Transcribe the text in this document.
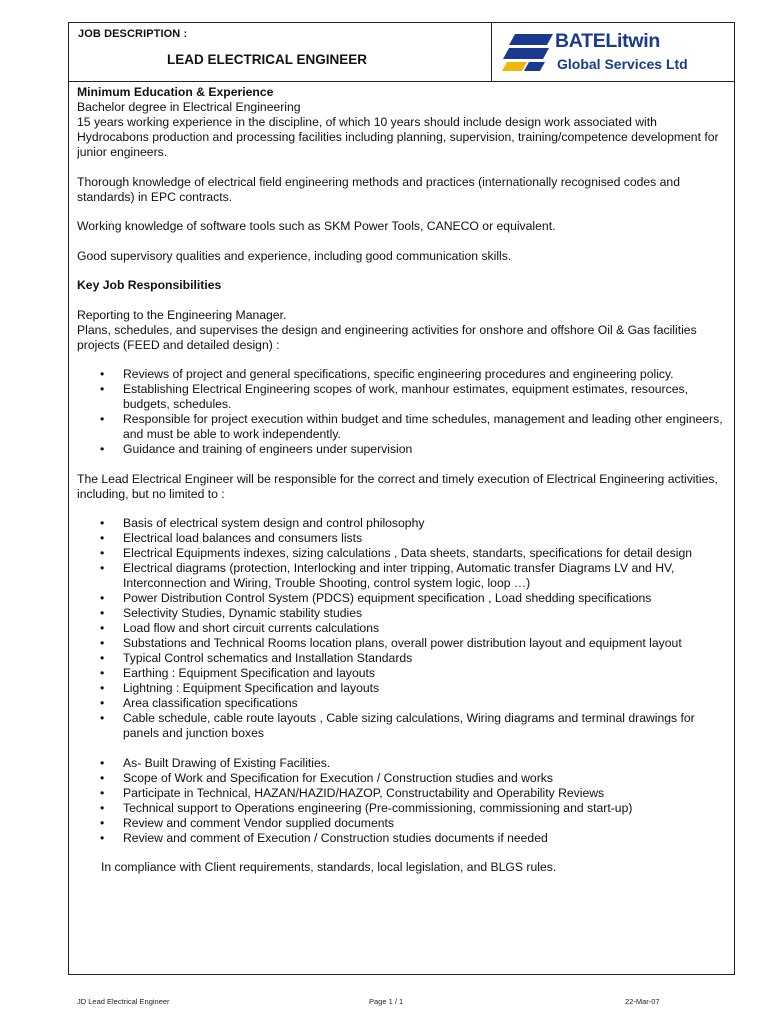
JOB DESCRIPTION :
LEAD ELECTRICAL ENGINEER
BATELitwin
Global Services Ltd

Minimum Education & Experience

Bachelor degree in Electrical Engineering

15 years working experience in the discipline, of which 10 years should include design work associated with Hydrocabons production and processing facilities including planning, supervision, training/competence development for junior engineers.

Thorough knowledge of electrical field engineering methods and practices (internationally recognised codes and standards) in EPC contracts.

Working knowledge of software tools such as SKM Power Tools, CANECO or equivalent.

Good supervisory qualities and experience, including good communication skills.

Key Job Responsibilities

Reporting to the Engineering Manager.

Plans, schedules, and supervises the design and engineering activities for onshore and offshore Oil & Gas facilities projects (FEED and detailed design) :

• Reviews of project and general specifications, specific engineering procedures and engineering policy.
• Establishing Electrical Engineering scopes of work, manhour estimates, equipment estimates, resources, budgets, schedules.
• Responsible for project execution within budget and time schedules, management and leading other engineers, and must be able to work independently.
• Guidance and training of engineers under supervision

The Lead Electrical Engineer will be responsible for the correct and timely execution of Electrical Engineering activities, including, but no limited to :

• Basis of electrical system design and control philosophy
• Electrical load balances and consumers lists
• Electrical Equipments indexes, sizing calculations , Data sheets, standarts, specifications for detail design
• Electrical diagrams (protection, Interlocking and inter tripping, Automatic transfer Diagrams LV and HV, Interconnection and Wiring, Trouble Shooting, control system logic, loop …)
• Power Distribution Control System (PDCS) equipment specification , Load shedding specifications
• Selectivity Studies, Dynamic stability studies
• Load flow and short circuit currents calculations
• Substations and Technical Rooms location plans, overall power distribution layout and equipment layout
• Typical Control schematics and Installation Standards
• Earthing : Equipment Specification and layouts
• Lightning : Equipment Specification and layouts
• Area classification specifications
• Cable schedule, cable route layouts , Cable sizing calculations, Wiring diagrams and terminal drawings for panels and junction boxes
• As- Built Drawing of Existing Facilities.
• Scope of Work and Specification for Execution / Construction studies and works
• Participate in Technical, HAZAN/HAZID/HAZOP, Constructability and Operability Reviews
• Technical support to Operations engineering (Pre-commissioning, commissioning and start-up)
• Review and comment Vendor supplied documents
• Review and comment of Execution / Construction studies documents if needed

In compliance with Client requirements, standards, local legislation, and BLGS rules.

JD Lead Electrical Engineer	Page 1 / 1	22-Mar-07
